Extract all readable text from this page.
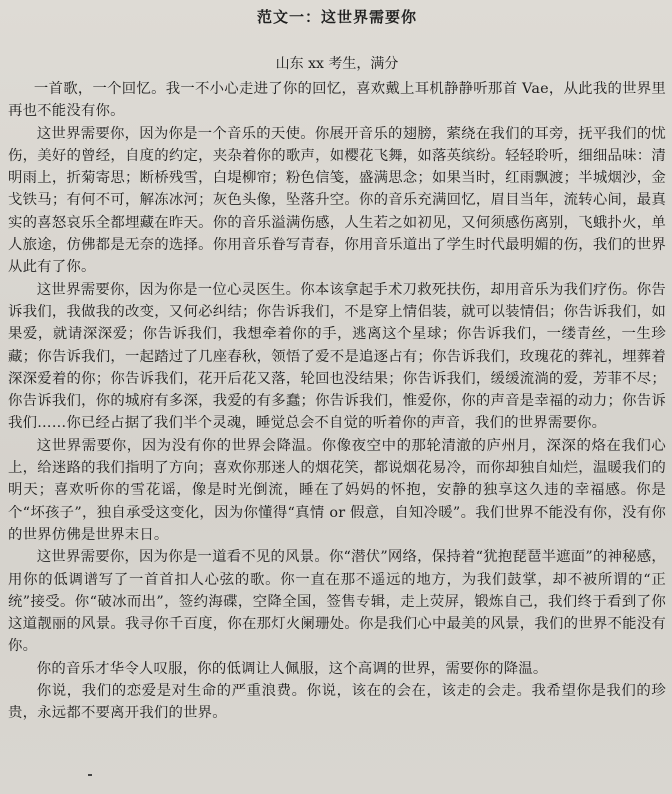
范文一：这世界需要你
山东 xx 考生，满分

一首歌，一个回忆。我一不小心走进了你的回忆，喜欢戴上耳机静静听那首 Vae，从此我的世界里再也不能没有你。

这世界需要你，因为你是一个音乐的天使。你展开音乐的翅膀，萦绕在我们的耳旁，抚平我们的忧伤，美好的曾经，自度的约定，夹杂着你的歌声，如樱花飞舞，如落英缤纷。轻轻聆听，细细品味：清明雨上，折菊寄思；断桥残雪，白堤柳帘；粉色信笺，盛满思念；如果当时，红雨飘渡；半城烟沙，金戈铁马；有何不可，解冻冰河；灰色头像，坠落升空。你的音乐充满回忆，眉目当年，流转心间，最真实的喜怒哀乐全都埋藏在昨天。你的音乐溢满伤感，人生若之如初见，又何须感伤离别，飞蛾扑火，单人旅途，仿佛都是无奈的选择。你用音乐眷写青春，你用音乐道出了学生时代最明媚的伤，我们的世界从此有了你。

这世界需要你，因为你是一位心灵医生。你本该拿起手术刀救死扶伤，却用音乐为我们疗伤。你告诉我们，我做我的改变，又何必纠结；你告诉我们，不是穿上情侣装，就可以装情侣；你告诉我们，如果爱，就请深深爱；你告诉我们，我想牵着你的手，逃离这个星球；你告诉我们，一缕青丝，一生珍藏；你告诉我们，一起踏过了几座春秋，领悟了爱不是追逐占有；你告诉我们，玫瑰花的葬礼，埋葬着深深爱着的你；你告诉我们，花开后花又落，轮回也没结果；你告诉我们，缓缓流淌的爱，芳菲不尽；你告诉我们，你的城府有多深，我爱的有多蠢；你告诉我们，惟爱你，你的声音是幸福的动力；你告诉我们……你已经占据了我们半个灵魂，睡觉总会不自觉的听着你的声音，我们的世界需要你。

这世界需要你，因为没有你的世界会降温。你像夜空中的那轮清澈的庐州月，深深的烙在我们心上，给迷路的我们指明了方向；喜欢你那迷人的烟花笑，都说烟花易冷，而你却独自灿烂，温暖我们的明天；喜欢听你的雪花谣，像是时光倒流，睡在了妈妈的怀抱，安静的独享这久违的幸福感。你是个“坏孩子”，独自承受这变化，因为你懂得“真情 or 假意，自知冷暖”。我们世界不能没有你，没有你的世界仿佛是世界末日。

这世界需要你，因为你是一道看不见的风景。你“潜伏”网络，保持着“犹抱琵琶半遮面”的神秘感，用你的低调谱写了一首首扣人心弦的歌。你一直在那不遥远的地方，为我们鼓掌，却不被所谓的“正统”接受。你“破冰而出”，签约海碟，空降全国，签售专辑，走上荧屏，锻炼自己，我们终于看到了你这道靓丽的风景。我寻你千百度，你在那灯火阑珊处。你是我们心中最美的风景，我们的世界不能没有你。

你的音乐才华令人叹服，你的低调让人佩服，这个高调的世界，需要你的降温。

你说，我们的恋爱是对生命的严重浪费。你说，该在的会在，该走的会走。我希望你是我们的珍贵，永远都不要离开我们的世界。
